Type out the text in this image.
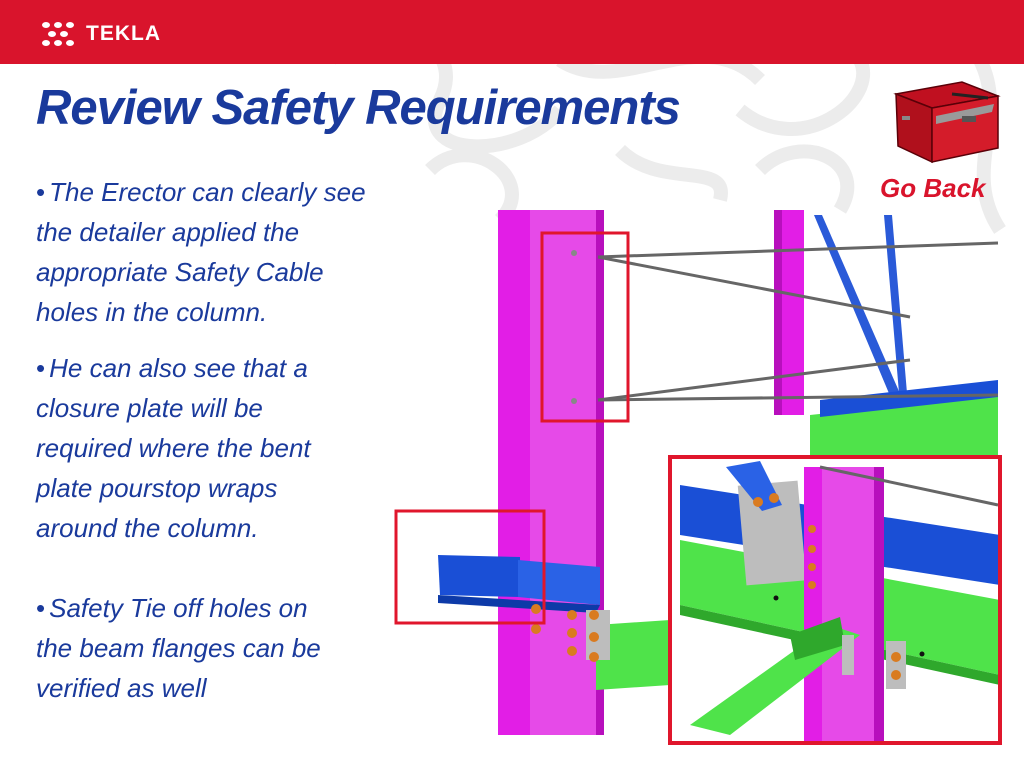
TEKLA
Review Safety Requirements
Go Back
• The Erector can clearly see the detailer applied the appropriate Safety Cable holes in the column.
• He can also see that a closure plate will be required where the bent plate pourstop wraps around the column.
• Safety Tie off holes on the beam flanges can be verified as well
